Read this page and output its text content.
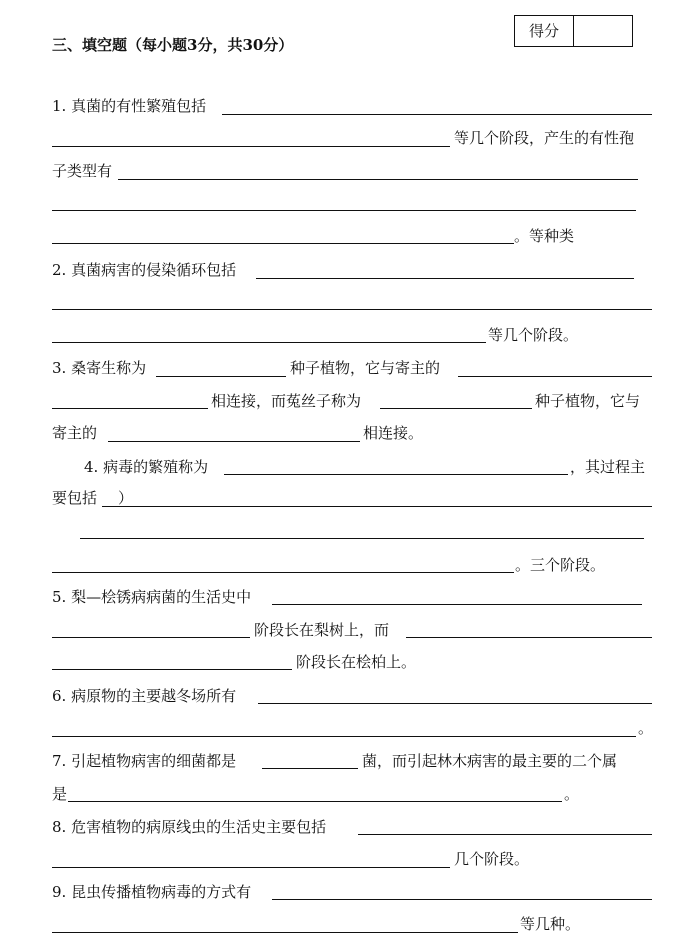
三、填空题（每小题3分，共30分）
得分
1. 真菌的有性繁殖包括
等几个阶段，产生的有性孢
子类型有
。等种类
2. 真菌病害的侵染循环包括
等几个阶段。
3. 桑寄生称为	种子植物，它与寄主的
相连接，而菟丝子称为	种子植物，它与
寄主的	相连接。
4. 病毒的繁殖称为	，其过程主
要包括 ）
。三个阶段。
5. 梨—桧锈病病菌的生活史中
阶段长在梨树上，而
阶段长在桧柏上。
6. 病原物的主要越冬场所有
。
7. 引起植物病害的细菌都是	菌，而引起林木病害的最主要的二个属
是	。
8. 危害植物的病原线虫的生活史主要包括
几个阶段。
9. 昆虫传播植物病毒的方式有
等几种。
